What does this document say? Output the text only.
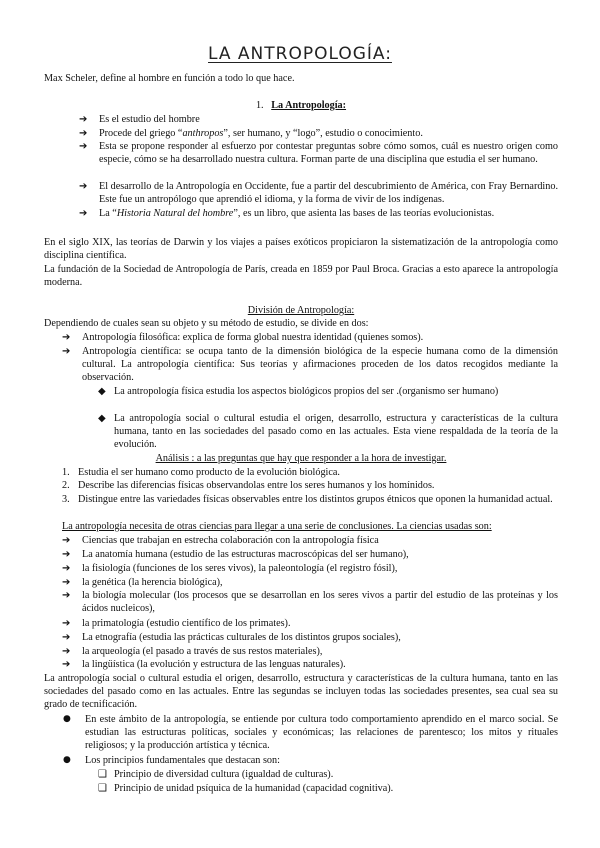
LA ANTROPOLOGÍA:

Max Scheler, define al hombre en función a todo lo que hace.

1. La Antropología:
➔	Es el estudio del hombre
➔	Procede del griego “anthropos”, ser humano, y “logo”, estudio o conocimiento.
➔	Esta se propone responder al esfuerzo por contestar preguntas sobre cómo somos, cuál es nuestro origen como especie, cómo se ha desarrollado nuestra cultura. Forman parte de una disciplina que estudia el ser humano.
➔	El desarrollo de la Antropología en Occidente, fue a partir del descubrimiento de América, con Fray Bernardino. Este fue un antropólogo que aprendió el idioma, y la forma de vivir de los indígenas.
➔	La “Historia Natural del hombre”, es un libro, que asienta las bases de las teorías evolucionistas.

En el siglo XIX, las teorías de Darwin y los viajes a países exóticos propiciaron la sistematización de la antropología como disciplina científica.

La fundación de la Sociedad de Antropología de París, creada en 1859 por Paul Broca. Gracias a esto aparece la antropología moderna.

División de Antropología:

Dependiendo de cuales sean su objeto y su método de estudio, se divide en dos:

➔	Antropología filosófica: explica de forma global nuestra identidad (quienes somos).
➔	Antropología científica: se ocupa tanto de la dimensión biológica de la especie humana como de la dimensión cultural. La antropología científica: Sus teorías y afirmaciones proceden de los datos recogidos mediante la observación.
◆ La antropología física estudia los aspectos biológicos propios del ser .(organismo ser humano)
◆ La antropología social o cultural estudia el origen, desarrollo, estructura y características de la cultura humana, tanto en las sociedades del pasado como en las actuales. Esta viene respaldada de la teoría de la evolución.
Análisis : a las preguntas que hay que responder a la hora de investigar.
1. Estudia el ser humano como producto de la evolución biológica.
2. Describe las diferencias físicas observandolas entre los seres humanos y los homínidos.
3. Distingue entre las variedades físicas observables entre los distintos grupos étnicos que oponen la humanidad actual.
La antropología necesita de otras ciencias para llegar a una serie de conclusiones. La ciencias usadas son:
➔	Ciencias que trabajan en estrecha colaboración con la antropología física
➔	La anatomía humana (estudio de las estructuras macroscópicas del ser humano),
➔	la fisiología (funciones de los seres vivos), la paleontología (el registro fósil),
➔	la genética (la herencia biológica),
➔	la biología molecular (los procesos que se desarrollan en los seres vivos a partir del estudio de las proteínas y los ácidos nucleicos),
➔	la primatología (estudio científico de los primates).
➔	La etnografía (estudia las prácticas culturales de los distintos grupos sociales),
➔	la arqueología (el pasado a través de sus restos materiales),
➔	la lingüística (la evolución y estructura de las lenguas naturales).

La antropología social o cultural estudia el origen, desarrollo, estructura y características de la cultura humana, tanto en las sociedades del pasado como en las actuales. Entre las segundas se incluyen todas las sociedades presentes, sea cual sea su grado de tecnificación.

●	En este ámbito de la antropología, se entiende por cultura todo comportamiento aprendido en el marco social. Se estudian las estructuras políticas, sociales y económicas; las relaciones de parentesco; los mitos y rituales religiosos; y la producción artística y técnica.
●	Los principios fundamentales que destacan son:
❑ Principio de diversidad cultura (igualdad de culturas).
❑ Principio de unidad psíquica de la humanidad (capacidad cognitiva).
